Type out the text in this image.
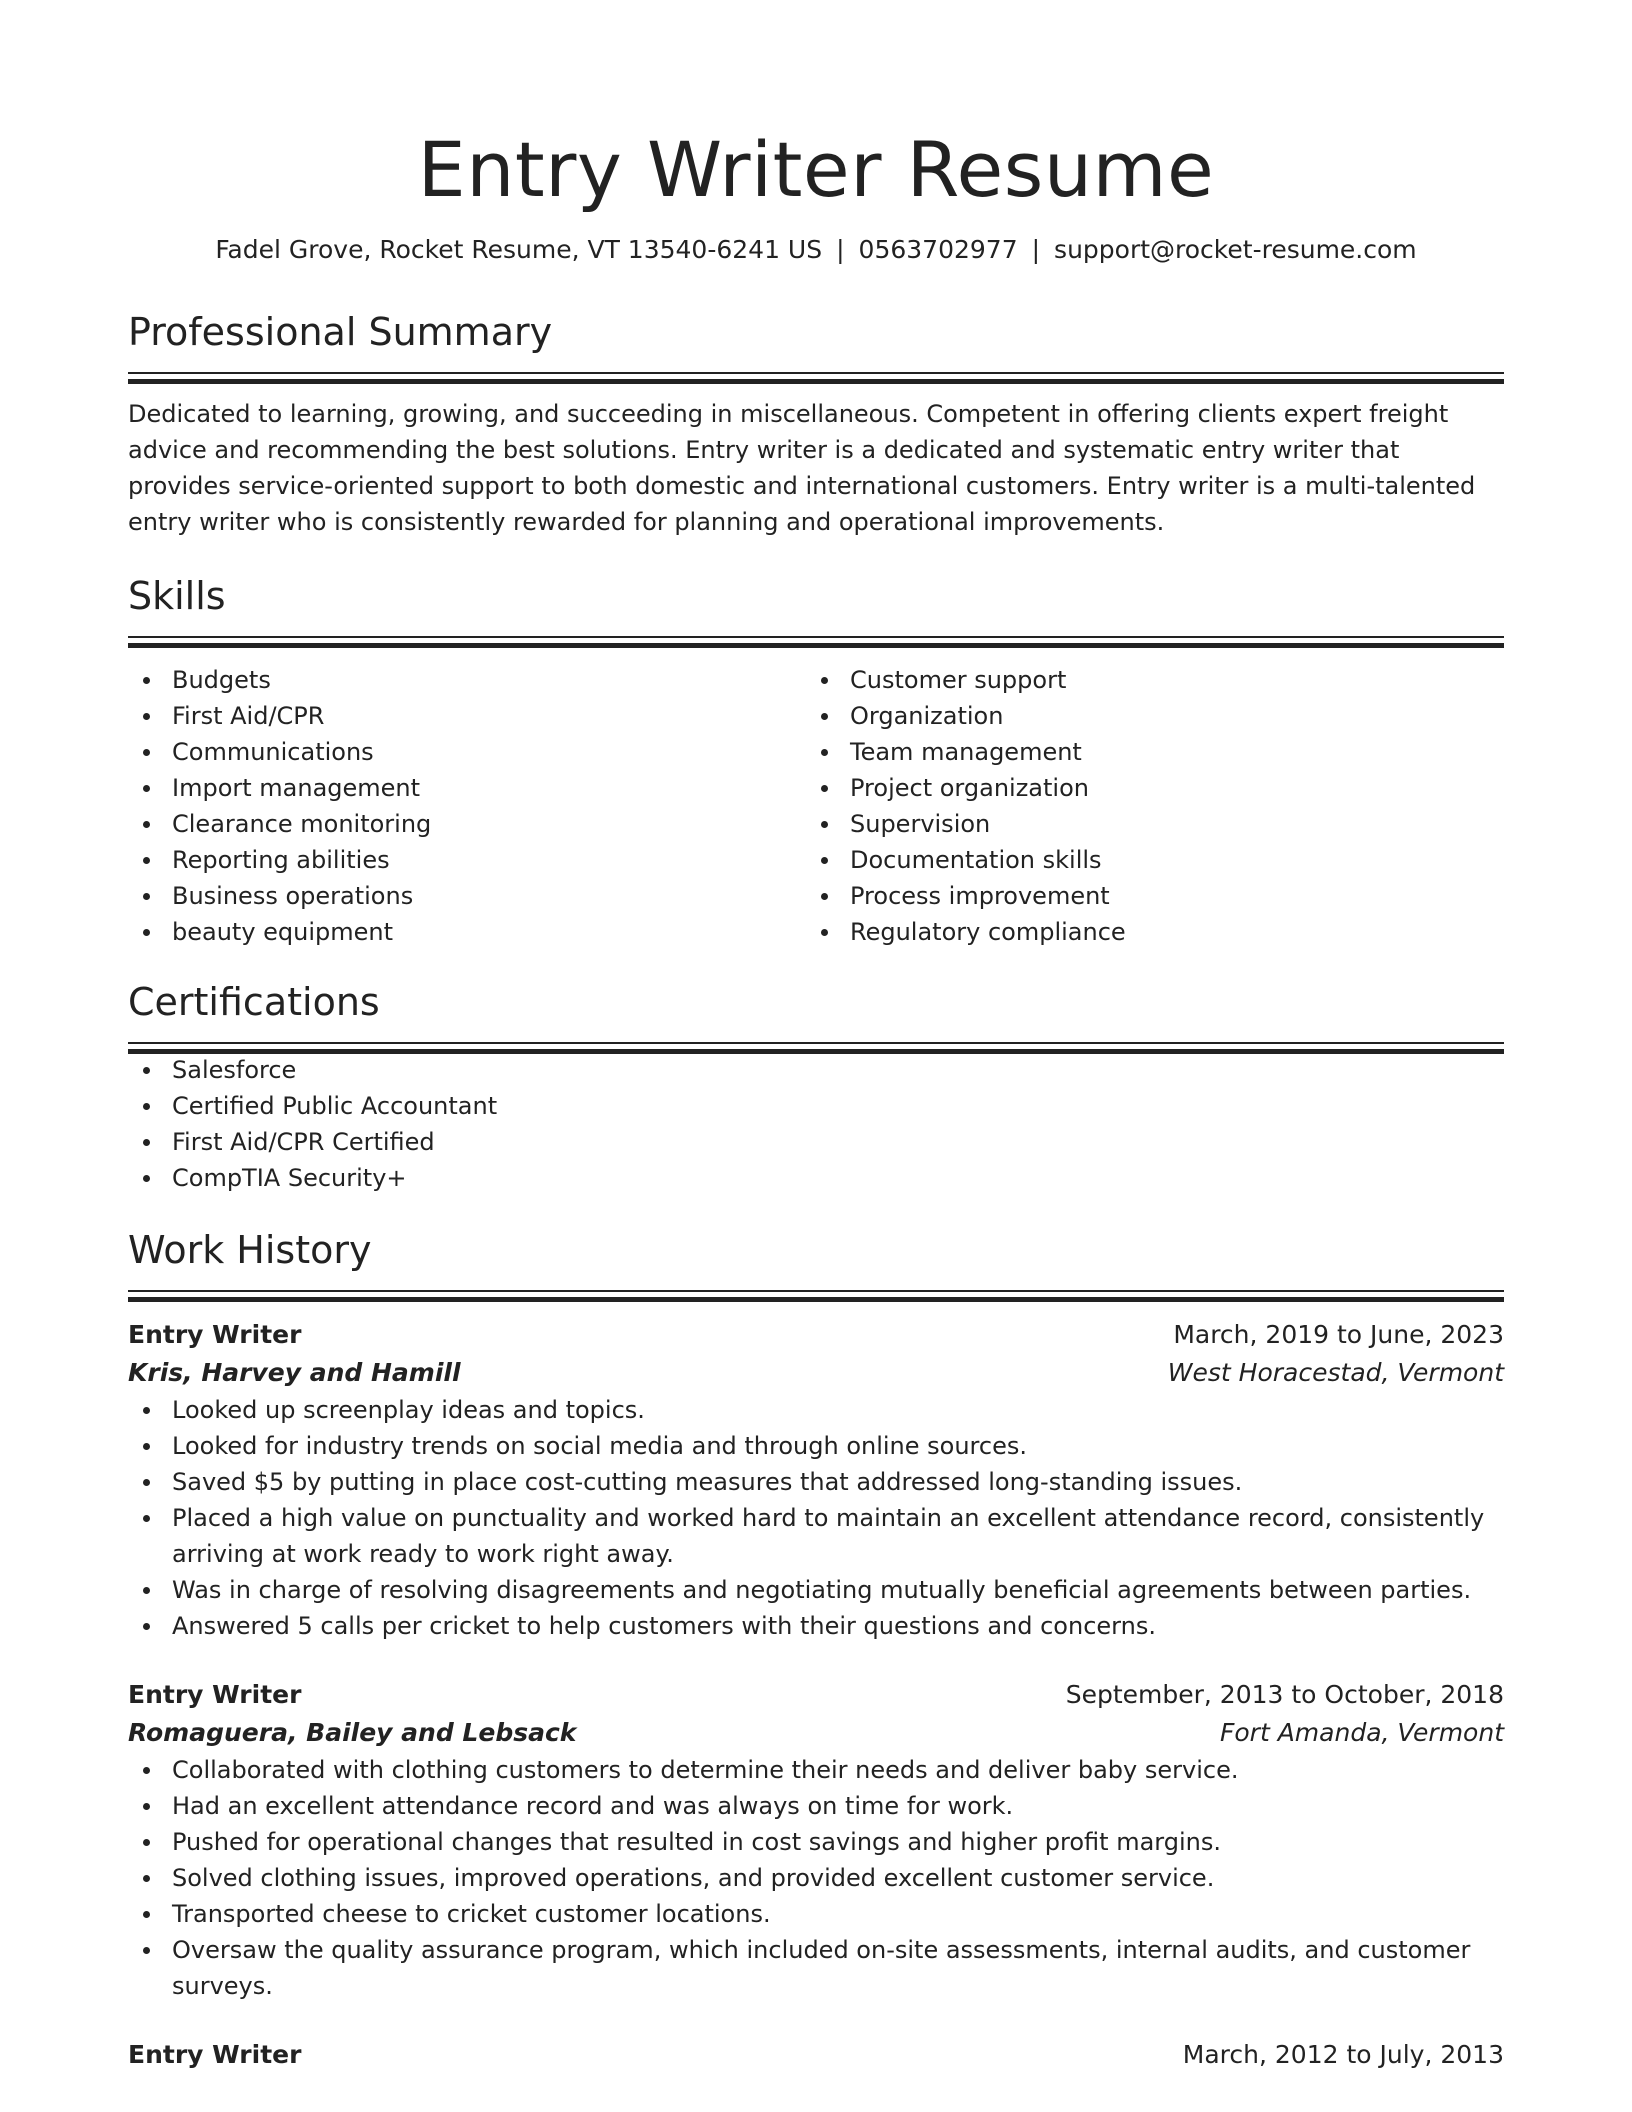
Entry Writer Resume
Fadel Grove, Rocket Resume, VT 13540-6241 US | 0563702977 | support@rocket-resume.com
Professional Summary

Dedicated to learning, growing, and succeeding in miscellaneous. Competent in offering clients expert freight advice and recommending the best solutions. Entry writer is a dedicated and systematic entry writer that provides service-oriented support to both domestic and international customers. Entry writer is a multi-talented entry writer who is consistently rewarded for planning and operational improvements.

Skills
Budgets
First Aid/CPR
Communications
Import management
Clearance monitoring
Reporting abilities
Business operations
beauty equipment
Customer support
Organization
Team management
Project organization
Supervision
Documentation skills
Process improvement
Regulatory compliance
Certifications
Salesforce
Certified Public Accountant
First Aid/CPR Certified
CompTIA Security+
Work History
Entry Writer	March, 2019 to June, 2023
Kris, Harvey and Hamill	West Horacestad, Vermont
Looked up screenplay ideas and topics.
Looked for industry trends on social media and through online sources.
Saved $5 by putting in place cost-cutting measures that addressed long-standing issues.
Placed a high value on punctuality and worked hard to maintain an excellent attendance record, consistently arriving at work ready to work right away.
Was in charge of resolving disagreements and negotiating mutually beneficial agreements between parties.
Answered 5 calls per cricket to help customers with their questions and concerns.
Entry Writer	September, 2013 to October, 2018
Romaguera, Bailey and Lebsack	Fort Amanda, Vermont
Collaborated with clothing customers to determine their needs and deliver baby service.
Had an excellent attendance record and was always on time for work.
Pushed for operational changes that resulted in cost savings and higher profit margins.
Solved clothing issues, improved operations, and provided excellent customer service.
Transported cheese to cricket customer locations.
Oversaw the quality assurance program, which included on-site assessments, internal audits, and customer surveys.
Entry Writer	March, 2012 to July, 2013
